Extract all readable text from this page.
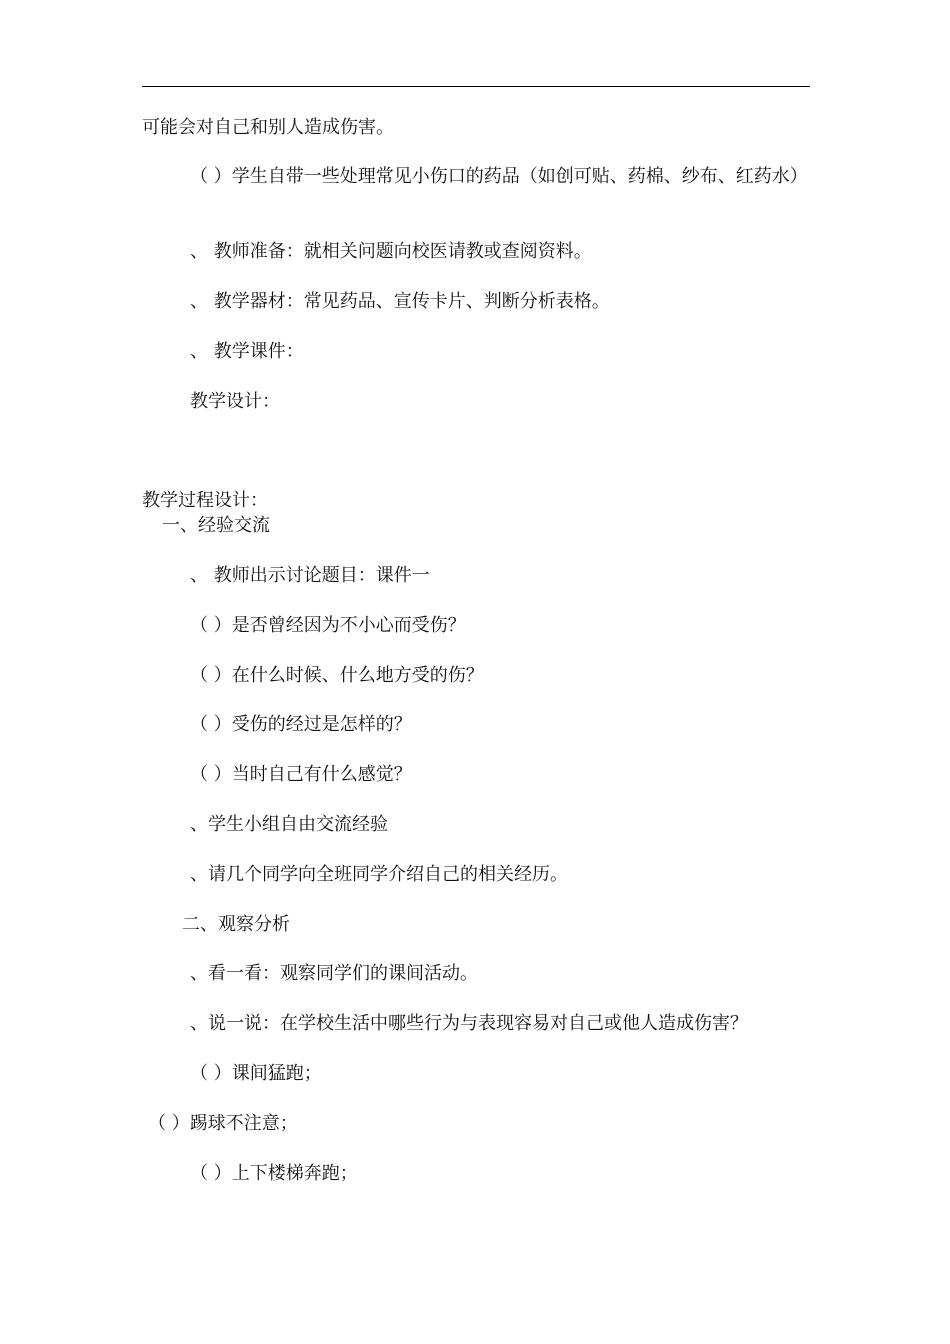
可能会对自己和别人造成伤害。

（ ）学生自带一些处理常见小伤口的药品（如创可贴、药棉、纱布、红药水）

、 教师准备：就相关问题向校医请教或查阅资料。

、 教学器材：常见药品、宣传卡片、判断分析表格。

、 教学课件：

教学设计：

教学过程设计：

一、经验交流

、 教师出示讨论题目：课件一

（ ）是否曾经因为不小心而受伤？

（ ）在什么时候、什么地方受的伤？

（ ）受伤的经过是怎样的？

（ ）当时自己有什么感觉？

、学生小组自由交流经验

、请几个同学向全班同学介绍自己的相关经历。

二、观察分析

、看一看：观察同学们的课间活动。

、说一说：在学校生活中哪些行为与表现容易对自己或他人造成伤害？

（ ）课间猛跑；

（ ）踢球不注意；

（ ）上下楼梯奔跑；
